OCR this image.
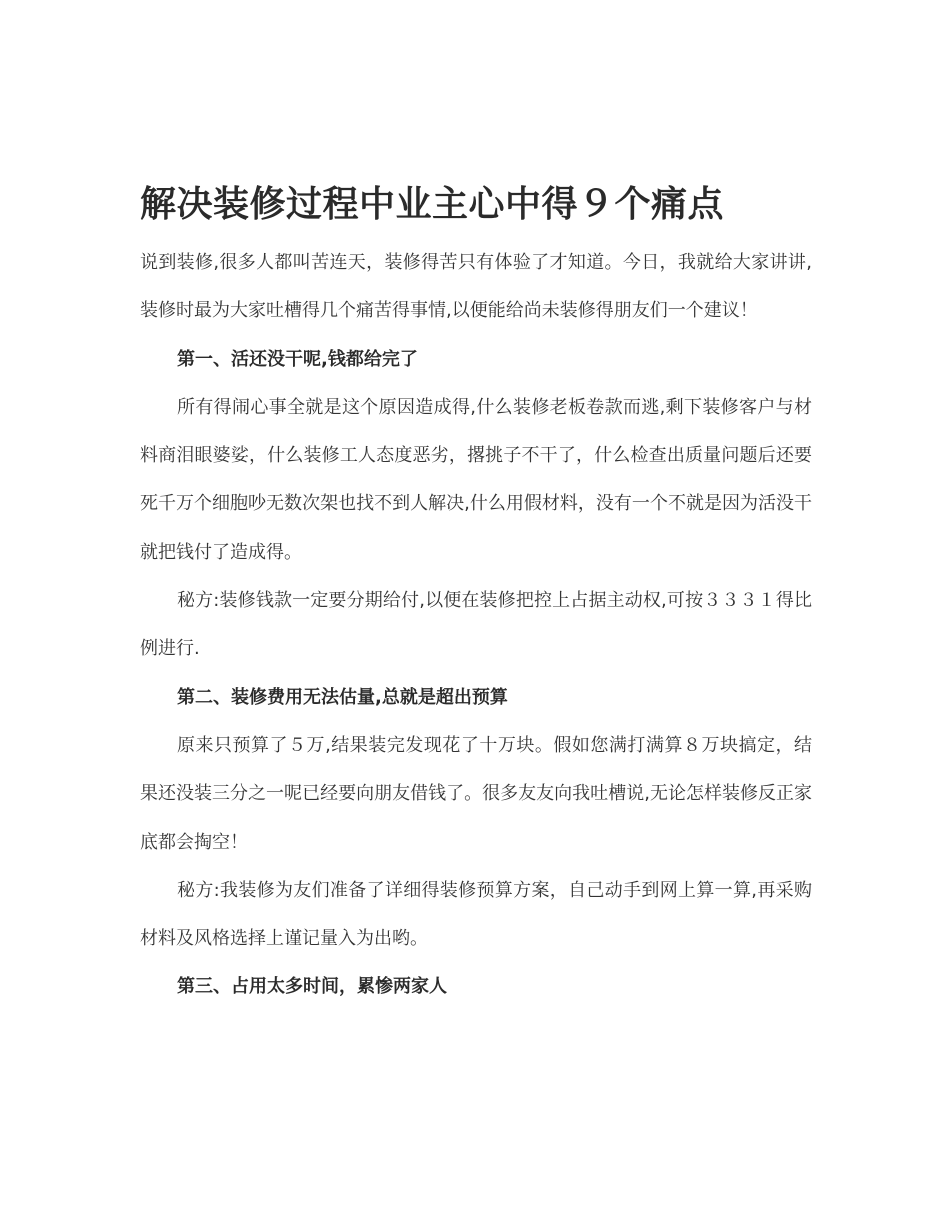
解决装修过程中业主心中得９个痛点

说到装修,很多人都叫苦连天，装修得苦只有体验了才知道。今日，我就给大家讲讲,装修时最为大家吐槽得几个痛苦得事情,以便能给尚未装修得朋友们一个建议！

第一、活还没干呢,钱都给完了

所有得闹心事全就是这个原因造成得,什么装修老板卷款而逃,剩下装修客户与材料商泪眼婆娑，什么装修工人态度恶劣，撂挑子不干了，什么检查出质量问题后还要死千万个细胞吵无数次架也找不到人解决,什么用假材料，没有一个不就是因为活没干就把钱付了造成得。

秘方:装修钱款一定要分期给付,以便在装修把控上占据主动权,可按３３３１得比例进行.

第二、装修费用无法估量,总就是超出预算

原来只预算了５万,结果装完发现花了十万块。假如您满打满算８万块搞定，结果还没装三分之一呢已经要向朋友借钱了。很多友友向我吐槽说,无论怎样装修反正家底都会掏空！

秘方:我装修为友们准备了详细得装修预算方案，自己动手到网上算一算,再采购材料及风格选择上谨记量入为出哟。

第三、占用太多时间，累惨两家人
